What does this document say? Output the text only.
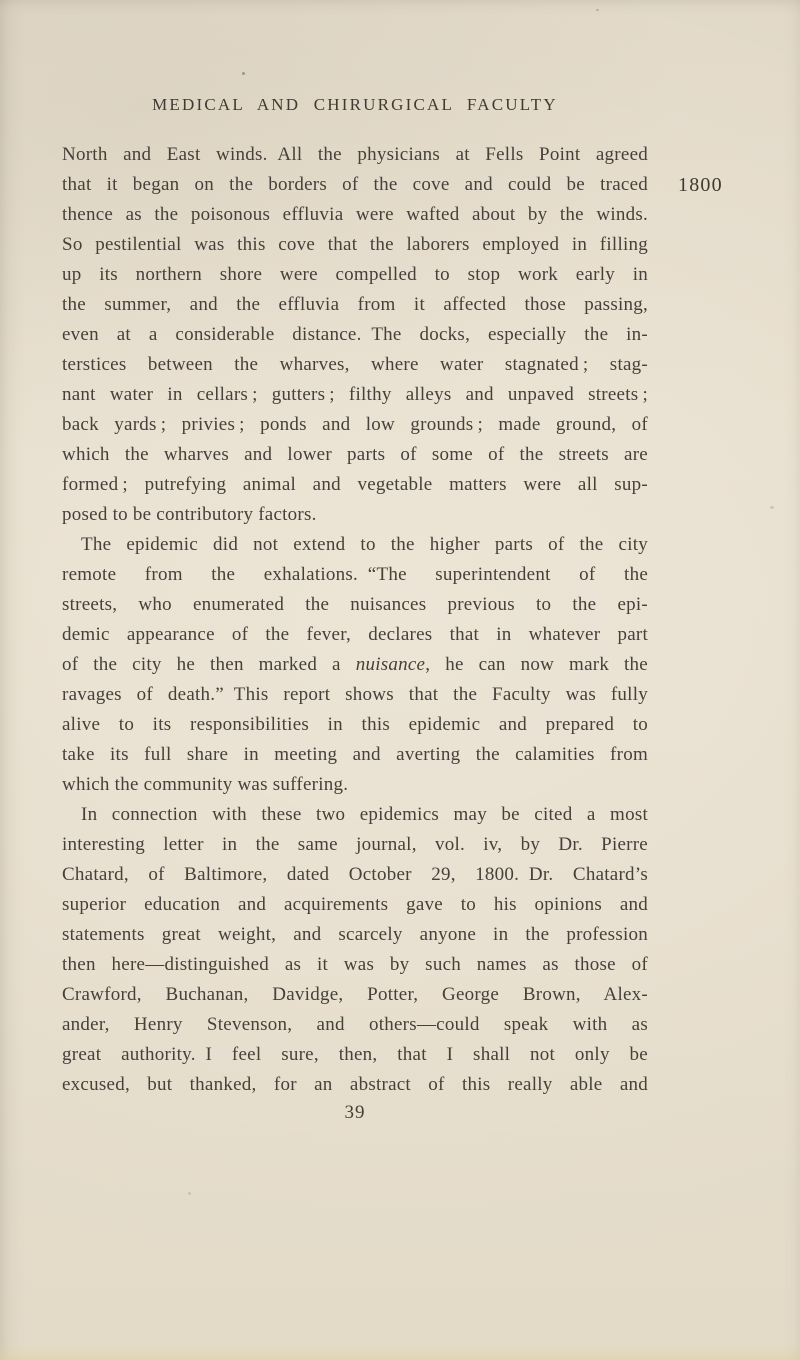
MEDICAL AND CHIRURGICAL FACULTY
1800
North and East winds. All the physicians at Fells Point agreed
that it began on the borders of the cove and could be traced
thence as the poisonous effluvia were wafted about by the winds.
So pestilential was this cove that the laborers employed in filling
up its northern shore were compelled to stop work early in
the summer, and the effluvia from it affected those passing,
even at a considerable distance. The docks, especially the in-
terstices between the wharves, where water stagnated ; stag-
nant water in cellars ; gutters ; filthy alleys and unpaved streets ;
back yards ; privies ; ponds and low grounds ; made ground, of
which the wharves and lower parts of some of the streets are
formed ; putrefying animal and vegetable matters were all sup-
posed to be contributory factors.
The epidemic did not extend to the higher parts of the city
remote from the exhalations. “The superintendent of the
streets, who enumerated the nuisances previous to the epi-
demic appearance of the fever, declares that in whatever part
of the city he then marked a nuisance, he can now mark the
ravages of death.” This report shows that the Faculty was fully
alive to its responsibilities in this epidemic and prepared to
take its full share in meeting and averting the calamities from
which the community was suffering.
In connection with these two epidemics may be cited a most
interesting letter in the same journal, vol. iv, by Dr. Pierre
Chatard, of Baltimore, dated October 29, 1800. Dr. Chatard’s
superior education and acquirements gave to his opinions and
statements great weight, and scarcely anyone in the profession
then here—distinguished as it was by such names as those of
Crawford, Buchanan, Davidge, Potter, George Brown, Alex-
ander, Henry Stevenson, and others—could speak with as
great authority. I feel sure, then, that I shall not only be
excused, but thanked, for an abstract of this really able and
39
